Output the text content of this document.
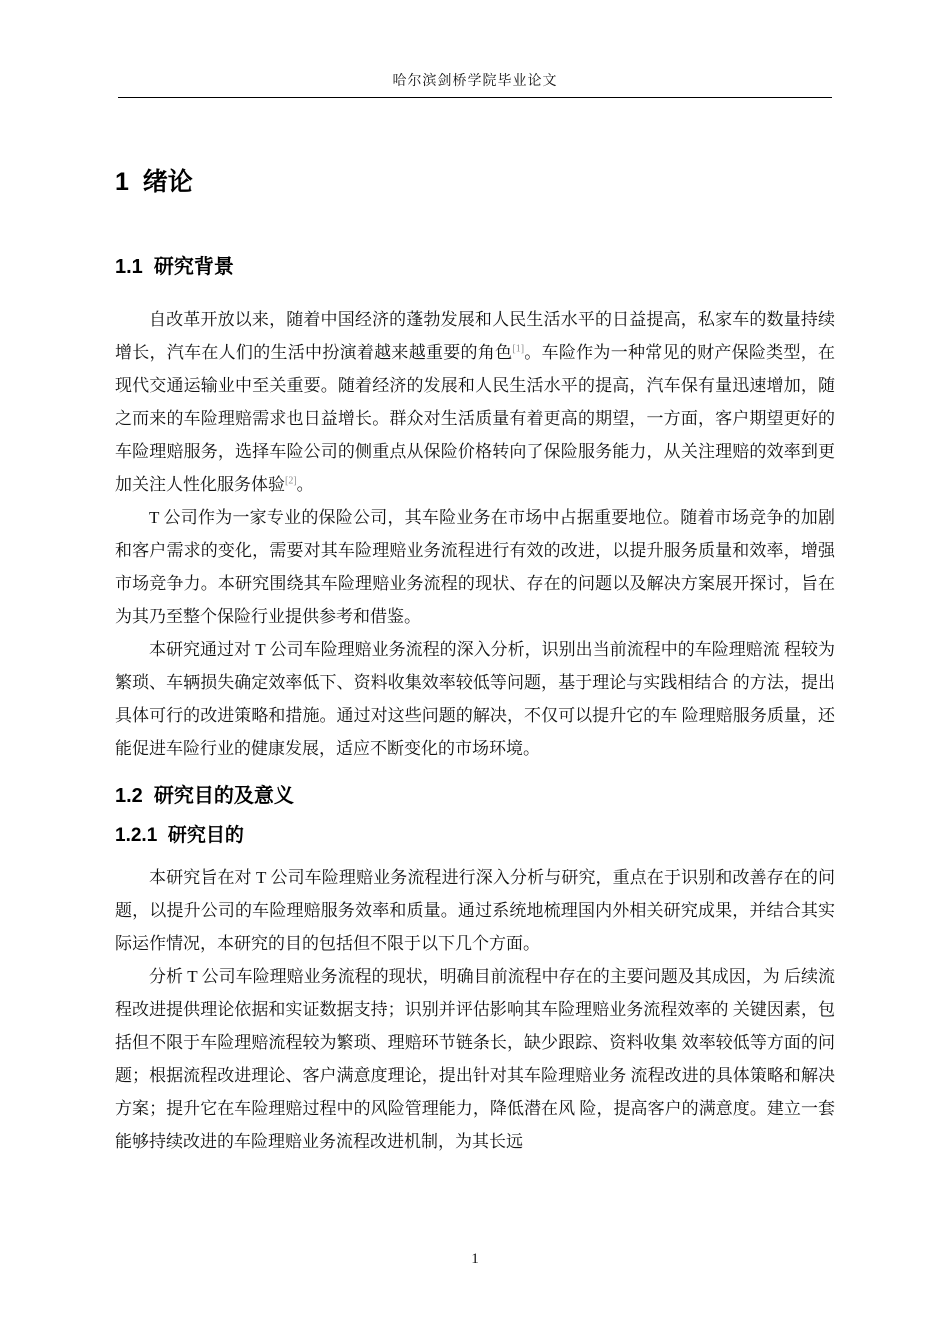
哈尔滨剑桥学院毕业论文
1  绪论
1.1  研究背景

自改革开放以来，随着中国经济的蓬勃发展和人民生活水平的日益提高，私家车的数量持续增长，汽车在人们的生活中扮演着越来越重要的角色[1]。车险作为一种常见的财产保险类型，在现代交通运输业中至关重要。随着经济的发展和人民生活水平的提高，汽车保有量迅速增加，随之而来的车险理赔需求也日益增长。群众对生活质量有着更高的期望，一方面，客户期望更好的车险理赔服务，选择车险公司的侧重点从保险价格转向了保险服务能力，从关注理赔的效率到更加关注人性化服务体验[2]。

T 公司作为一家专业的保险公司，其车险业务在市场中占据重要地位。随着市场竞争的加剧和客户需求的变化，需要对其车险理赔业务流程进行有效的改进，以提升服务质量和效率，增强市场竞争力。本研究围绕其车险理赔业务流程的现状、存在的问题以及解决方案展开探讨，旨在为其乃至整个保险行业提供参考和借鉴。

本研究通过对 T 公司车险理赔业务流程的深入分析，识别出当前流程中的车险理赔流 程较为繁琐、车辆损失确定效率低下、资料收集效率较低等问题，基于理论与实践相结合 的方法，提出具体可行的改进策略和措施。通过对这些问题的解决，不仅可以提升它的车 险理赔服务质量，还能促进车险行业的健康发展，适应不断变化的市场环境。

1.2  研究目的及意义
1.2.1  研究目的

本研究旨在对 T 公司车险理赔业务流程进行深入分析与研究，重点在于识别和改善存在的问题，以提升公司的车险理赔服务效率和质量。通过系统地梳理国内外相关研究成果，并结合其实际运作情况，本研究的目的包括但不限于以下几个方面。

分析 T 公司车险理赔业务流程的现状，明确目前流程中存在的主要问题及其成因，为 后续流程改进提供理论依据和实证数据支持；识别并评估影响其车险理赔业务流程效率的 关键因素，包括但不限于车险理赔流程较为繁琐、理赔环节链条长，缺少跟踪、资料收集 效率较低等方面的问题；根据流程改进理论、客户满意度理论，提出针对其车险理赔业务 流程改进的具体策略和解决方案；提升它在车险理赔过程中的风险管理能力，降低潜在风 险，提高客户的满意度。建立一套能够持续改进的车险理赔业务流程改进机制，为其长远

1
